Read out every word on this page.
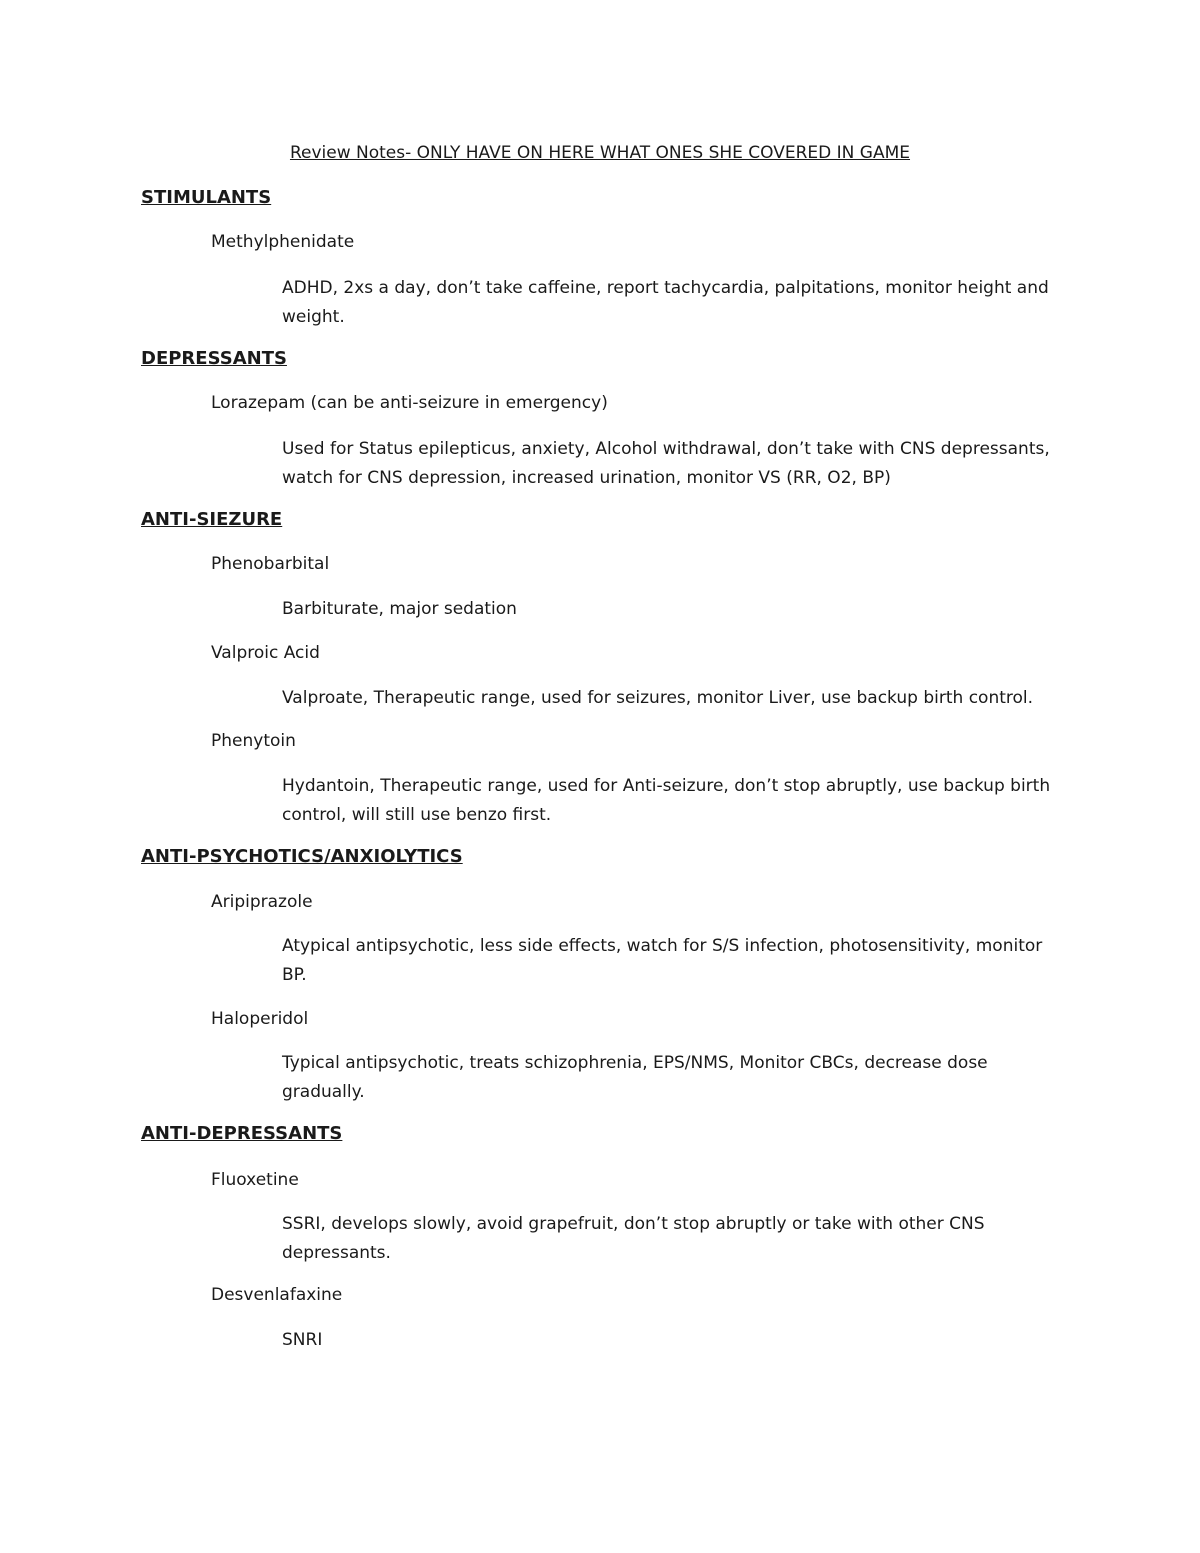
Review Notes- ONLY HAVE ON HERE WHAT ONES SHE COVERED IN GAME
STIMULANTS
Methylphenidate
ADHD, 2xs a day, don’t take caffeine, report tachycardia, palpitations, monitor height and weight.
DEPRESSANTS
Lorazepam (can be anti-seizure in emergency)
Used for Status epilepticus, anxiety, Alcohol withdrawal, don’t take with CNS depressants, watch for CNS depression, increased urination, monitor VS (RR, O2, BP)
ANTI-SIEZURE
Phenobarbital
Barbiturate, major sedation
Valproic Acid
Valproate, Therapeutic range, used for seizures, monitor Liver, use backup birth control.
Phenytoin
Hydantoin, Therapeutic range, used for Anti-seizure, don’t stop abruptly, use backup birth control, will still use benzo first.
ANTI-PSYCHOTICS/ANXIOLYTICS
Aripiprazole
Atypical antipsychotic, less side effects, watch for S/S infection, photosensitivity, monitor BP.
Haloperidol
Typical antipsychotic, treats schizophrenia, EPS/NMS, Monitor CBCs, decrease dose gradually.
ANTI-DEPRESSANTS
Fluoxetine
SSRI, develops slowly, avoid grapefruit, don’t stop abruptly or take with other CNS depressants.
Desvenlafaxine
SNRI
